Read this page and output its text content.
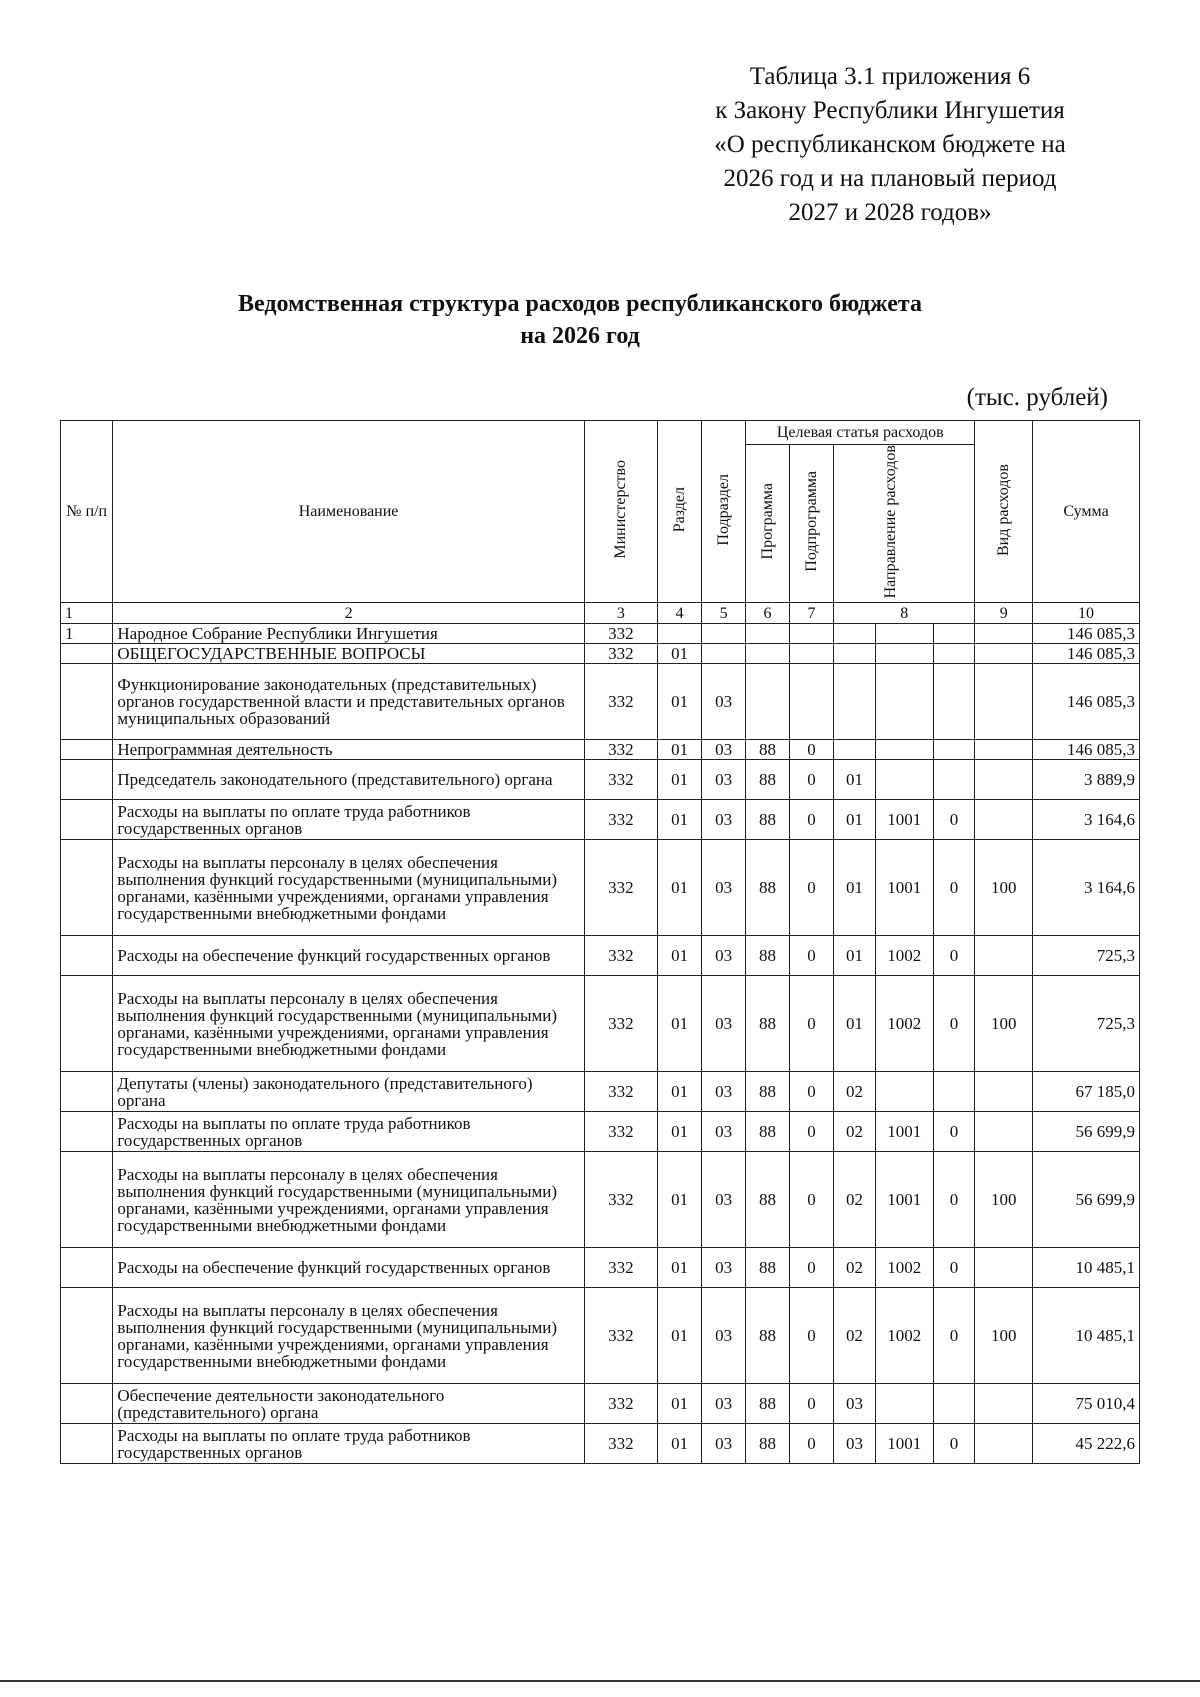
Таблица 3.1 приложения 6
к Закону Республики Ингушетия
«О республиканском бюджете на
2026 год и на плановый период
2027 и 2028 годов»
Ведомственная структура расходов республиканского бюджета
на 2026 год
(тыс. рублей)
№ п/п	Наименование	Министерство	Раздел	Подраздел	Целевая статья расходов					Вид расходов	Сумма
					Программа	Подпрограмма	Направление расходов				
1	2	3	4	5	6	7	8			9	10
1	Народное Собрание Республики Ингушетия	332									146 085,3
	ОБЩЕГОСУДАРСТВЕННЫЕ ВОПРОСЫ	332	01								146 085,3
	Функционирование законодательных (представительных) органов государственной власти и представительных органов муниципальных образований	332	01	03							146 085,3
	Непрограммная деятельность	332	01	03	88	0					146 085,3
	Председатель законодательного (представительного) органа	332	01	03	88	0	01				3 889,9
	Расходы на выплаты по оплате труда работников государственных органов	332	01	03	88	0	01	1001	0		3 164,6
	Расходы на выплаты персоналу в целях обеспечения выполнения функций государственными (муниципальными) органами, казёнными учреждениями, органами управления государственными внебюджетными фондами	332	01	03	88	0	01	1001	0	100	3 164,6
	Расходы на обеспечение функций государственных органов	332	01	03	88	0	01	1002	0		725,3
	Расходы на выплаты персоналу в целях обеспечения выполнения функций государственными (муниципальными) органами, казёнными учреждениями, органами управления государственными внебюджетными фондами	332	01	03	88	0	01	1002	0	100	725,3
	Депутаты (члены) законодательного (представительного) органа	332	01	03	88	0	02				67 185,0
	Расходы на выплаты по оплате труда работников государственных органов	332	01	03	88	0	02	1001	0		56 699,9
	Расходы на выплаты персоналу в целях обеспечения выполнения функций государственными (муниципальными) органами, казёнными учреждениями, органами управления государственными внебюджетными фондами	332	01	03	88	0	02	1001	0	100	56 699,9
	Расходы на обеспечение функций государственных органов	332	01	03	88	0	02	1002	0		10 485,1
	Расходы на выплаты персоналу в целях обеспечения выполнения функций государственными (муниципальными) органами, казёнными учреждениями, органами управления государственными внебюджетными фондами	332	01	03	88	0	02	1002	0	100	10 485,1
	Обеспечение деятельности законодательного (представительного) органа	332	01	03	88	0	03				75 010,4
	Расходы на выплаты по оплате труда работников государственных органов	332	01	03	88	0	03	1001	0		45 222,6
